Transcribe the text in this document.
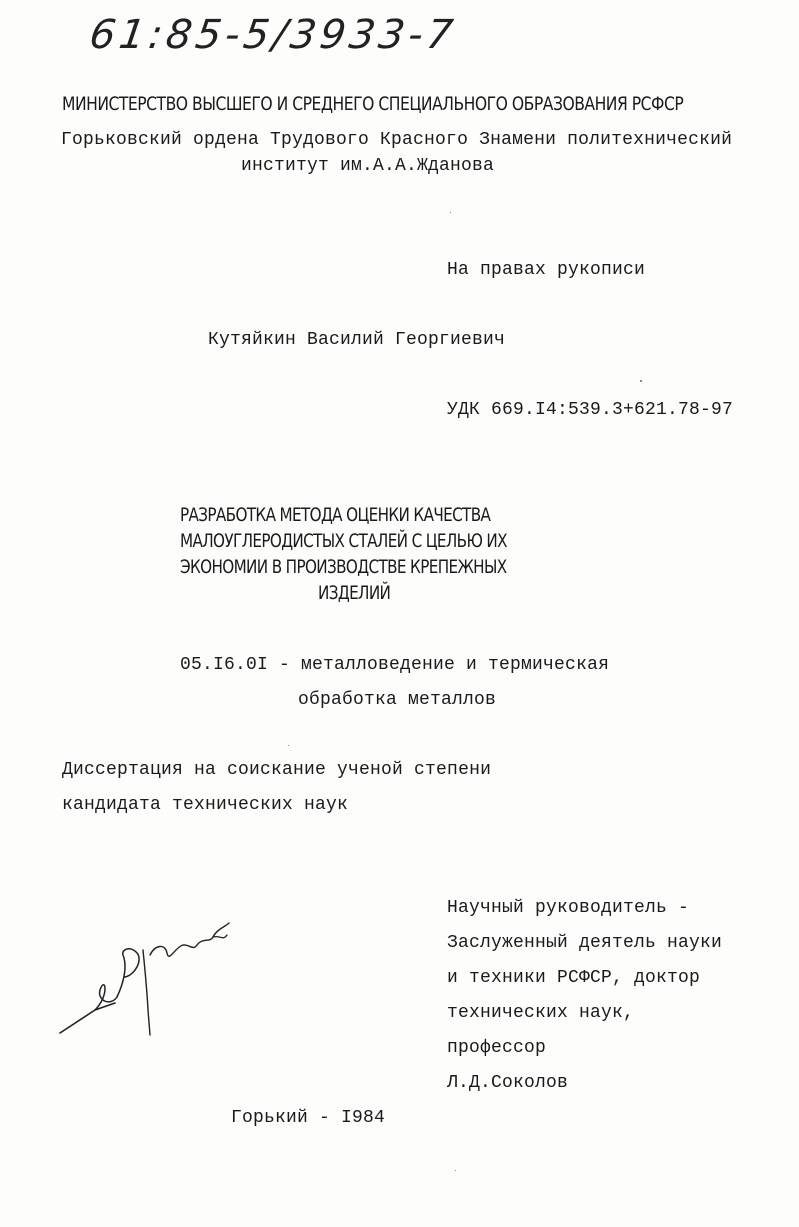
61:85-5/3933-7
МИНИСТЕРСТВО ВЫСШЕГО И СРЕДНЕГО СПЕЦИАЛЬНОГО ОБРАЗОВАНИЯ РСФСР
Горьковский ордена Трудового Красного Знамени политехнический
институт им.А.А.Жданова
На правах рукописи
Кутяйкин Василий Георгиевич
УДК 669.I4:539.3+621.78-97
РАЗРАБОТКА МЕТОДА ОЦЕНКИ КАЧЕСТВА
МАЛОУГЛЕРОДИСТЫХ СТАЛЕЙ С ЦЕЛЬЮ ИХ
ЭКОНОМИИ В ПРОИЗВОДСТВЕ КРЕПЕЖНЫХ
ИЗДЕЛИЙ
05.I6.0I - металловедение и термическая
обработка металлов
Диссертация на соискание ученой степени
кандидата технических наук
Научный руководитель -
Заслуженный деятель науки
и техники РСФСР, доктор
технических наук,
профессор
Л.Д.Соколов
Горький - I984
